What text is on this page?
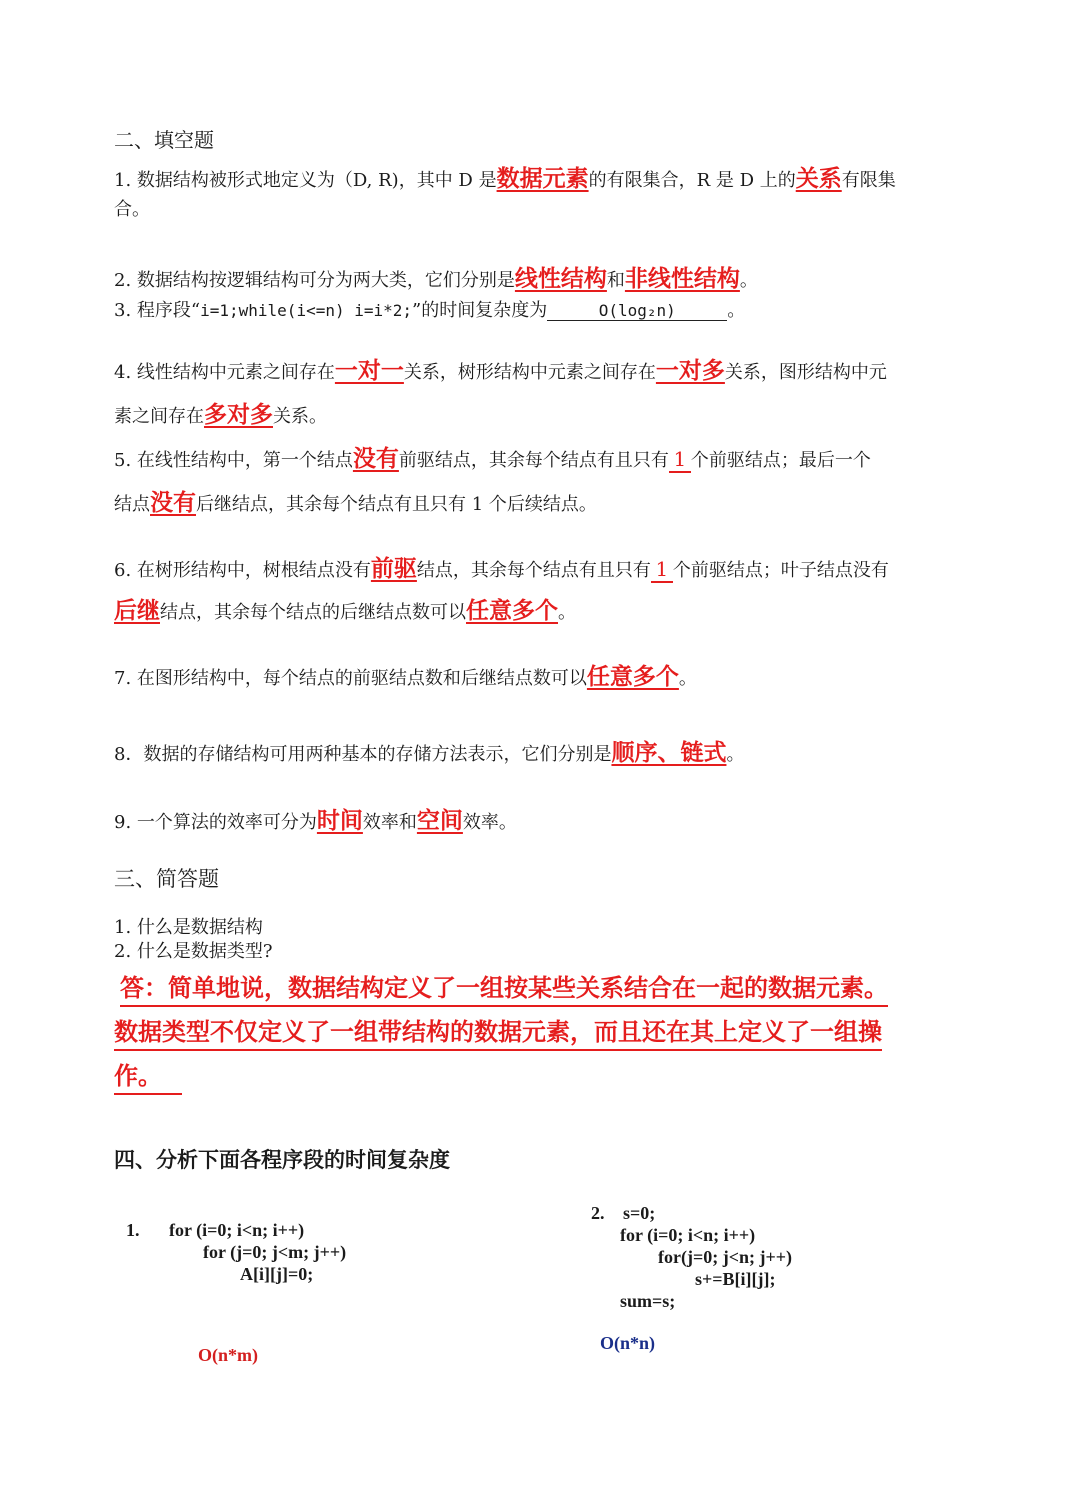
二、填空题
1. 数据结构被形式地定义为（D, R)，其中 D 是数据元素的有限集合，R 是 D 上的关系有限集
合。
2. 数据结构按逻辑结构可分为两大类，它们分别是线性结构和非线性结构。
3. 程序段“i=1;while(i<=n) i=i*2;”的时间复杂度为	O(log₂n)	。
4. 线性结构中元素之间存在一对一关系，树形结构中元素之间存在一对多关系，图形结构中元
素之间存在多对多关系。
5. 在线性结构中，第一个结点没有前驱结点，其余每个结点有且只有 1 个前驱结点；最后一个
结点没有后继结点，其余每个结点有且只有 1 个后续结点。
6. 在树形结构中，树根结点没有前驱结点，其余每个结点有且只有 1 个前驱结点；叶子结点没有
后继结点，其余每个结点的后继结点数可以任意多个。
7. 在图形结构中，每个结点的前驱结点数和后继结点数可以任意多个。
8．数据的存储结构可用两种基本的存储方法表示，它们分别是顺序、链式。
9. 一个算法的效率可分为时间效率和空间效率。
三、简答题
1. 什么是数据结构
2. 什么是数据类型?
答：简单地说，数据结构定义了一组按某些关系结合在一起的数据元素。
数据类型不仅定义了一组带结构的数据元素，而且还在其上定义了一组操
作。
四、分析下面各程序段的时间复杂度
1. for (i=0; i<n; i++)
for (j=0; j<m; j++)
A[i][j]=0;
O(n*m)
2. s=0;
for (i=0; i<n; i++)
for(j=0; j<n; j++)
s+=B[i][j];
sum=s;
O(n*n)
